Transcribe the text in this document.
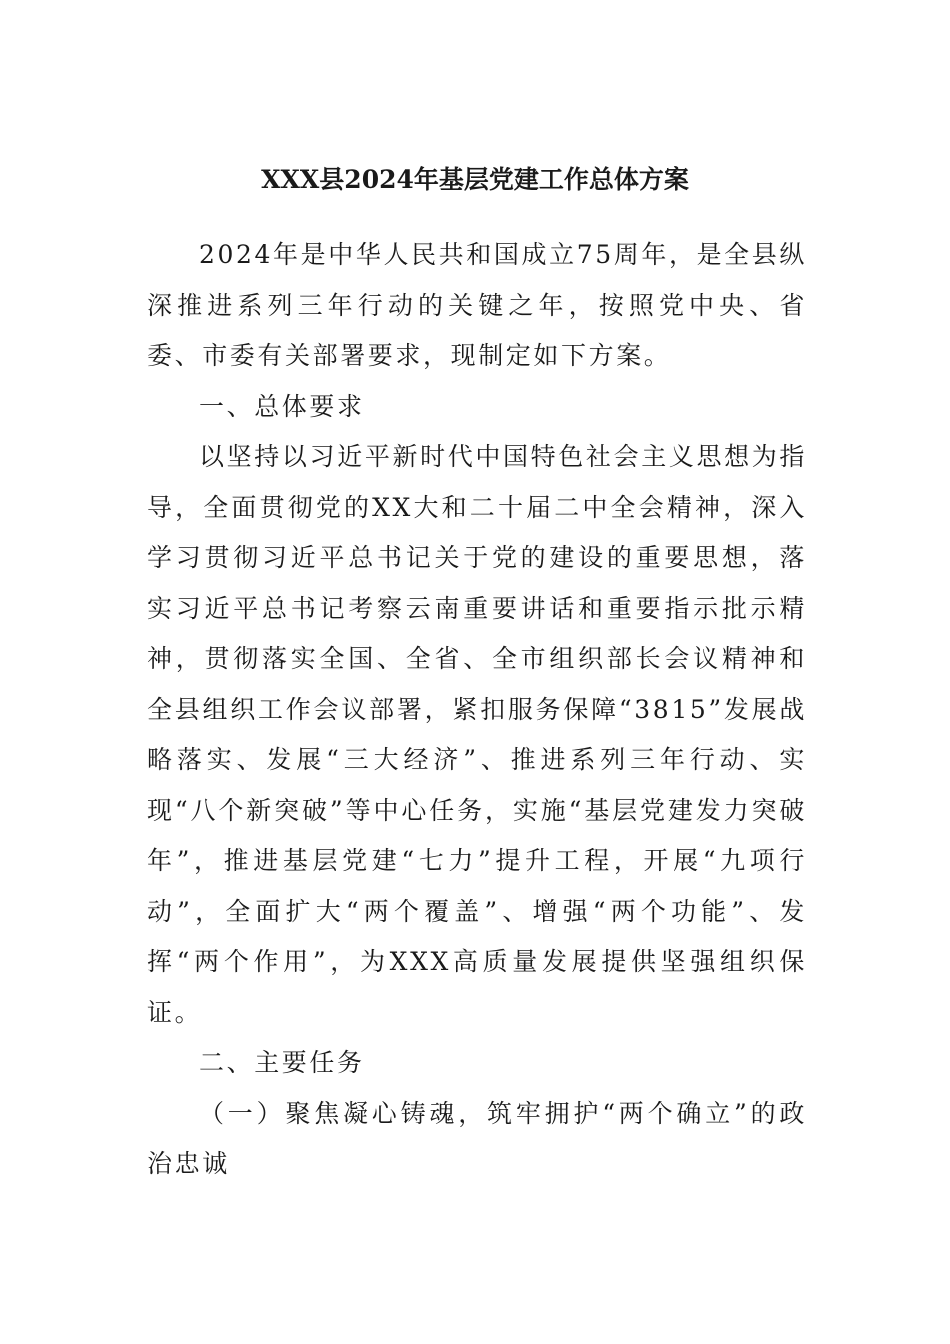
XXX县2024年基层党建工作总体方案

2024年是中华人民共和国成立75周年，是全县纵深推进系列三年行动的关键之年，按照党中央、省委、市委有关部署要求，现制定如下方案。

一、总体要求

以坚持以习近平新时代中国特色社会主义思想为指导，全面贯彻党的XX大和二十届二中全会精神，深入学习贯彻习近平总书记关于党的建设的重要思想，落实习近平总书记考察云南重要讲话和重要指示批示精神，贯彻落实全国、全省、全市组织部长会议精神和全县组织工作会议部署，紧扣服务保障“3815”发展战略落实、发展“三大经济”、推进系列三年行动、实现“八个新突破”等中心任务，实施“基层党建发力突破年”，推进基层党建“七力”提升工程，开展“九项行动”，全面扩大“两个覆盖”、增强“两个功能”、发挥“两个作用”，为XXX高质量发展提供坚强组织保证。

二、主要任务

（一）聚焦凝心铸魂，筑牢拥护“两个确立”的政治忠诚
